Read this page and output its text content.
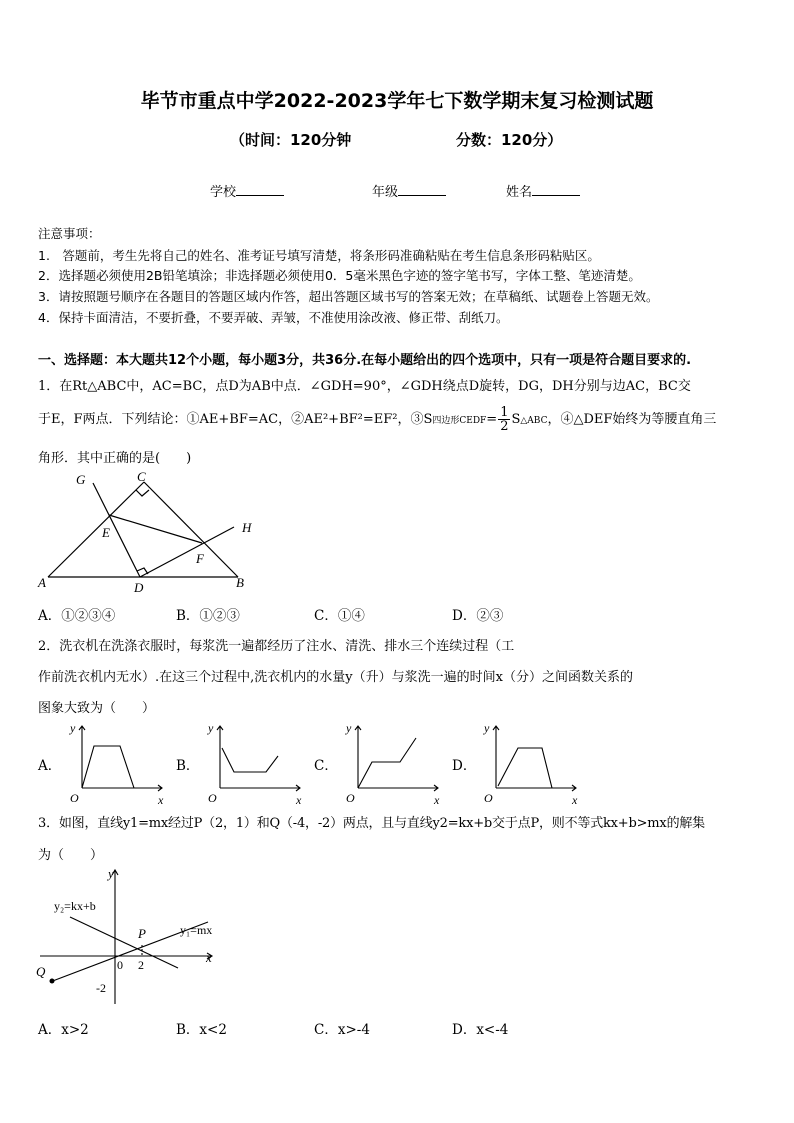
毕节市重点中学2022-2023学年七下数学期末复习检测试题
（时间：120分钟	分数：120分）
学校	年级	姓名
注意事项：
1.　答题前，考生先将自己的姓名、准考证号填写清楚，将条形码准确粘贴在考生信息条形码粘贴区。
2．选择题必须使用2B铅笔填涂；非选择题必须使用0．5毫米黑色字迹的签字笔书写，字体工整、笔迹清楚。
3．请按照题号顺序在各题目的答题区域内作答，超出答题区域书写的答案无效；在草稿纸、试题卷上答题无效。
4．保持卡面清洁，不要折叠，不要弄破、弄皱，不准使用涂改液、修正带、刮纸刀。
一、选择题：本大题共12个小题，每小题3分，共36分.在每小题给出的四个选项中，只有一项是符合题目要求的.
1．在Rt△ABC中，AC=BC，点D为AB中点．∠GDH=90°，∠GDH绕点D旋转，DG，DH分别与边AC，BC交
于E，F两点．下列结论：①AE+BF=AC，②AE²+BF²=EF²，③S四边形CEDF= $\frac{1}{2}$ S△ABC，④△DEF始终为等腰直角三
角形．其中正确的是(　　)
G	C
H
E
F
A	D	B
A．①②③④	B．①②③	C．①④	D．②③
2．洗衣机在洗涤衣服时，每浆洗一遍都经历了注水、清洗、排水三个连续过程（工
作前洗衣机内无水）.在这三个过程中,洗衣机内的水量y（升）与浆洗一遍的时间x（分）之间函数关系的
图象大致为（　　）
A．
y
x
O
B．
y
x
O
C．
y
x
O
D．
y
x
O
3．如图，直线y1=mx经过P（2，1）和Q（-4，-2）两点，且与直线y2=kx+b交于点P，则不等式kx+b>mx的解集
为（　　）
y
x
y₂=kx+b
y₁=mx
P
Q	0 2
-2
A．x>2	B．x<2	C．x>-4	D．x<-4
